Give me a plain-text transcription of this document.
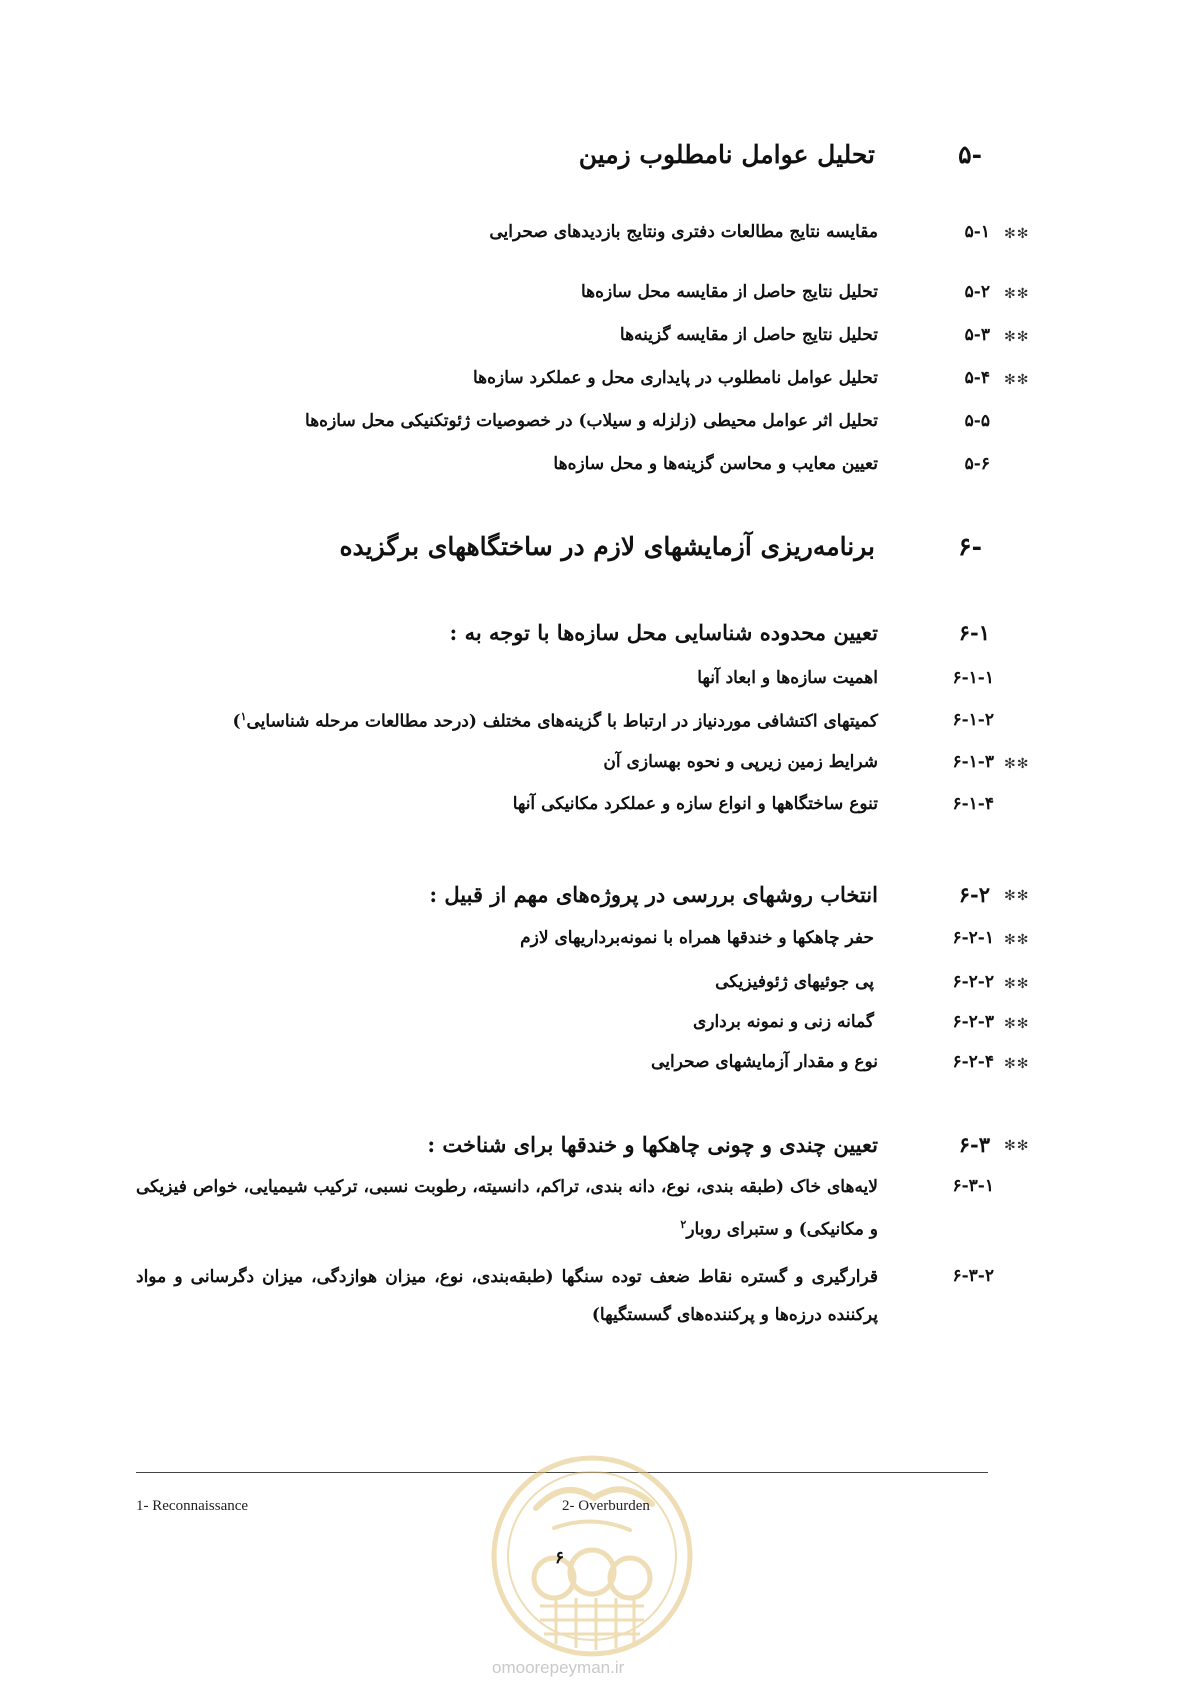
-۵
تحلیل عوامل نامطلوب زمین
✻✻
۵-۱
مقایسه نتایج مطالعات دفتری ونتایج بازدیدهای صحرایی
✻✻
۵-۲
تحلیل نتایج حاصل از مقایسه محل سازه‌ها
✻✻
۵-۳
تحلیل نتایج حاصل از مقایسه گزینه‌ها
✻✻
۵-۴
تحلیل عوامل نامطلوب در پایداری محل و عملکرد سازه‌ها
۵-۵
تحلیل اثر عوامل محیطی (زلزله و سیلاب) در خصوصیات ژئوتکنیکی محل سازه‌ها
۵-۶
تعیین معایب و محاسن گزینه‌ها و محل سازه‌ها
-۶
برنامه‌ریزی آزمایشهای لازم در ساختگاههای برگزیده
۶-۱
تعیین محدوده شناسایی محل سازه‌ها با توجه به :
۶-۱-۱
اهمیت سازه‌ها و ابعاد آنها
۶-۱-۲
کمیتهای اکتشافی موردنیاز در ارتباط با گزینه‌های مختلف (درحد مطالعات مرحله شناسایی$^۱$)
✻✻
۶-۱-۳
شرایط زمین زیرپی و نحوه بهسازی آن
۶-۱-۴
تنوع ساختگاهها و انواع سازه و عملکرد مکانیکی آنها
✻✻
۶-۲
انتخاب روشهای بررسی در پروژه‌های مهم از قبیل :
✻✻
۶-۲-۱
حفر چاهکها و خندقها همراه با نمونه‌برداریهای لازم
✻✻
۶-۲-۲
پی جوئیهای ژئوفیزیکی
✻✻
۶-۲-۳
گمانه زنی و نمونه برداری
✻✻
۶-۲-۴
نوع و مقدار آزمایشهای صحرایی
✻✻
۶-۳
تعیین چندی و چونی چاهکها و خندقها برای شناخت :
۶-۳-۱
لایه‌های خاک (طبقه بندی، نوع، دانه بندی، تراکم، دانسیته، رطوبت نسبی، ترکیب شیمیایی، خواص فیزیکی و مکانیکی) و ستبرای روبار$^۲$
۶-۳-۲
قرارگیری و گستره نقاط ضعف توده سنگها (طبقه‌بندی، نوع، میزان هوازدگی، میزان دگرسانی و مواد پرکننده درزه‌ها و پرکننده‌های گسستگیها)
1- Reconnaissance	2- Overburden
۶
omoorepeyman.ir
